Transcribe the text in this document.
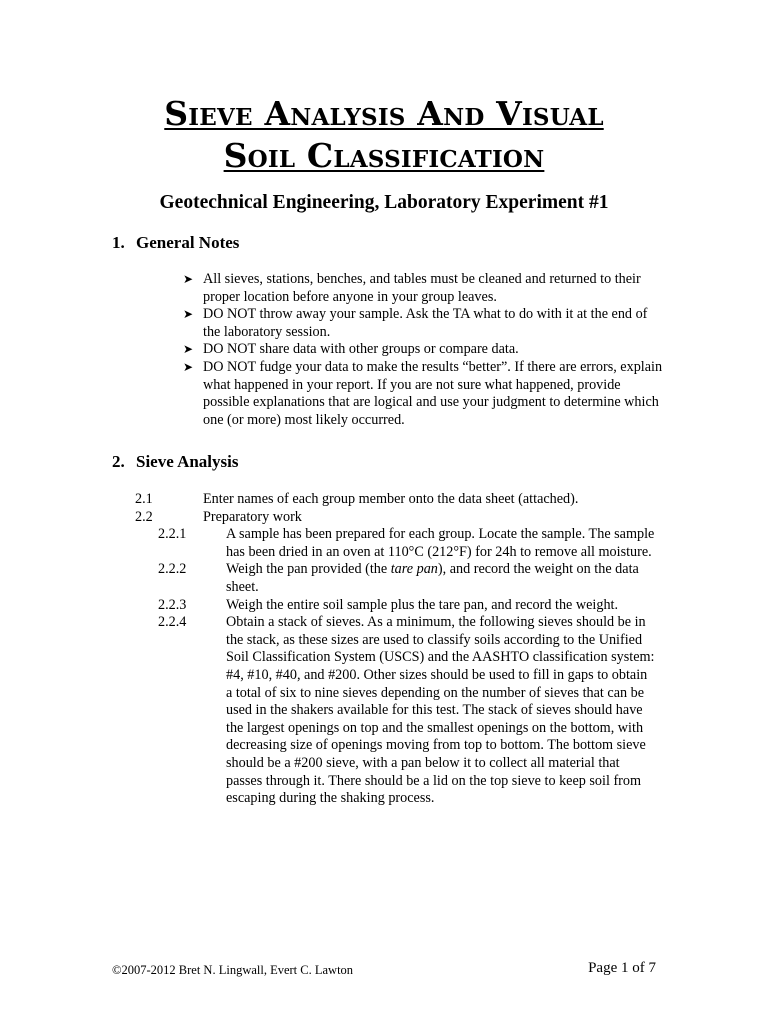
Sieve Analysis And Visual
Soil Classification
Geotechnical Engineering, Laboratory Experiment #1
1. General Notes
➤ All sieves, stations, benches, and tables must be cleaned and returned to their proper location before anyone in your group leaves.
➤ DO NOT throw away your sample. Ask the TA what to do with it at the end of the laboratory session.
➤ DO NOT share data with other groups or compare data.
➤ DO NOT fudge your data to make the results “better”. If there are errors, explain what happened in your report. If you are not sure what happened, provide possible explanations that are logical and use your judgment to determine which one (or more) most likely occurred.
2. Sieve Analysis
2.1	Enter names of each group member onto the data sheet (attached).
2.2	Preparatory work
2.2.1	A sample has been prepared for each group. Locate the sample. The sample has been dried in an oven at 110°C (212°F) for 24h to remove all moisture.
2.2.2	Weigh the pan provided (the tare pan), and record the weight on the data sheet.
2.2.3	Weigh the entire soil sample plus the tare pan, and record the weight.
2.2.4	Obtain a stack of sieves. As a minimum, the following sieves should be in the stack, as these sizes are used to classify soils according to the Unified Soil Classification System (USCS) and the AASHTO classification system: #4, #10, #40, and #200. Other sizes should be used to fill in gaps to obtain a total of six to nine sieves depending on the number of sieves that can be used in the shakers available for this test. The stack of sieves should have the largest openings on top and the smallest openings on the bottom, with decreasing size of openings moving from top to bottom. The bottom sieve should be a #200 sieve, with a pan below it to collect all material that passes through it. There should be a lid on the top sieve to keep soil from escaping during the shaking process.
©2007-2012 Bret N. Lingwall, Evert C. Lawton	Page 1 of 7
